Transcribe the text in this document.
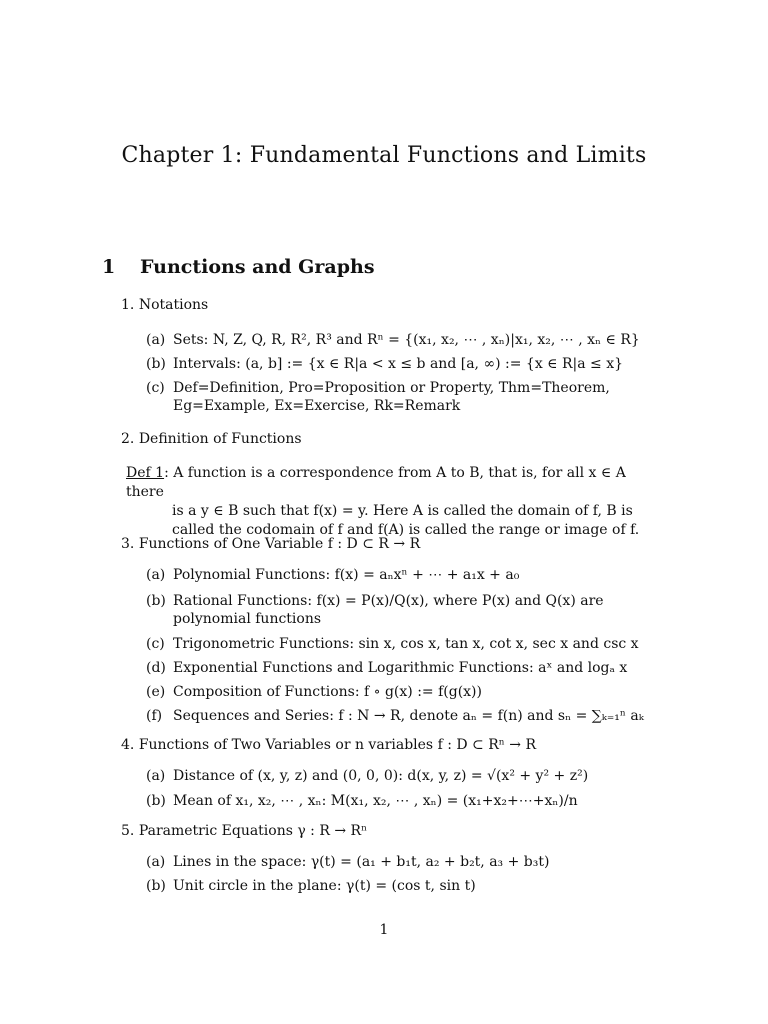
Chapter 1: Fundamental Functions and Limits
1 Functions and Graphs
1. Notations
(a) Sets: N, Z, Q, R, R², R³ and Rⁿ = {(x₁, x₂, ⋯ , xₙ)|x₁, x₂, ⋯ , xₙ ∈ R}
(b) Intervals: (a, b] := {x ∈ R|a < x ≤ b and [a, ∞) := {x ∈ R|a ≤ x}
(c) Def=Definition, Pro=Proposition or Property, Thm=Theorem, Eg=Example, Ex=Exercise, Rk=Remark
2. Definition of Functions
Def 1: A function is a correspondence from A to B, that is, for all x ∈ A there
is a y ∈ B such that f(x) = y. Here A is called the domain of f, B is
called the codomain of f and f(A) is called the range or image of f.
3. Functions of One Variable f : D ⊂ R → R
(a) Polynomial Functions: f(x) = aₙxⁿ + ⋯ + a₁x + a₀
(b) Rational Functions: f(x) = P(x)/Q(x), where P(x) and Q(x) are polynomial functions
(c) Trigonometric Functions: sin x, cos x, tan x, cot x, sec x and csc x
(d) Exponential Functions and Logarithmic Functions: aˣ and logₐ x
(e) Composition of Functions: f ∘ g(x) := f(g(x))
(f) Sequences and Series: f : N → R, denote aₙ = f(n) and sₙ = ∑ₖ₌₁ⁿ aₖ
4. Functions of Two Variables or n variables f : D ⊂ Rⁿ → R
(a) Distance of (x, y, z) and (0, 0, 0): d(x, y, z) = √(x² + y² + z²)
(b) Mean of x₁, x₂, ⋯ , xₙ: M(x₁, x₂, ⋯ , xₙ) = (x₁+x₂+⋯+xₙ)/n
5. Parametric Equations γ : R → Rⁿ
(a) Lines in the space: γ(t) = (a₁ + b₁t, a₂ + b₂t, a₃ + b₃t)
(b) Unit circle in the plane: γ(t) = (cos t, sin t)
1
